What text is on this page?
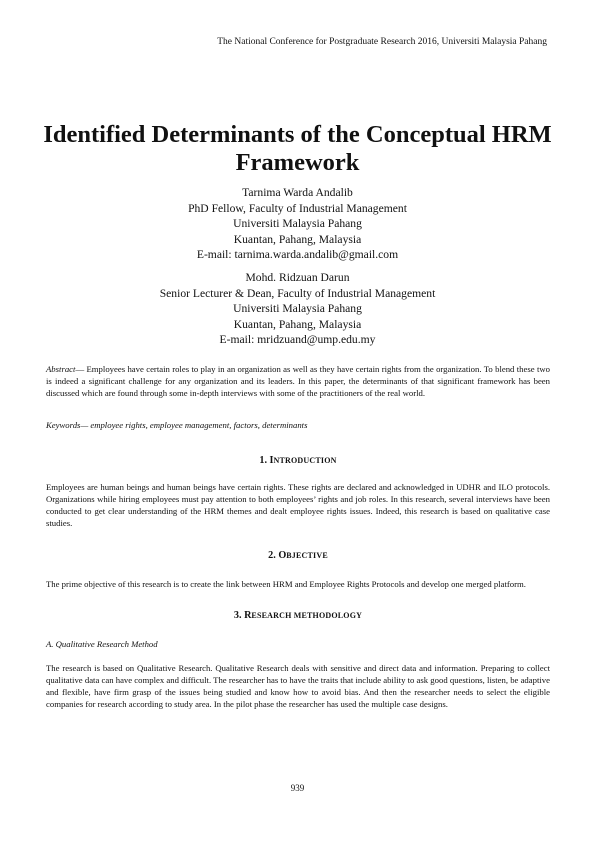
The National Conference for Postgraduate Research 2016, Universiti Malaysia Pahang
Identified Determinants of the Conceptual HRM Framework
Tarnima Warda Andalib
PhD Fellow, Faculty of Industrial Management
Universiti Malaysia Pahang
Kuantan, Pahang, Malaysia
E-mail: tarnima.warda.andalib@gmail.com
Mohd. Ridzuan Darun
Senior Lecturer & Dean, Faculty of Industrial Management
Universiti Malaysia Pahang
Kuantan, Pahang, Malaysia
E-mail: mridzuand@ump.edu.my
Abstract— Employees have certain roles to play in an organization as well as they have certain rights from the organization. To blend these two is indeed a significant challenge for any organization and its leaders. In this paper, the determinants of that significant framework has been discussed which are found through some in-depth interviews with some of the practitioners of the real world.
Keywords— employee rights, employee management, factors, determinants
1. INTRODUCTION
Employees are human beings and human beings have certain rights. These rights are declared and acknowledged in UDHR and ILO protocols. Organizations while hiring employees must pay attention to both employees’ rights and job roles. In this research, several interviews have been conducted to get clear understanding of the HRM themes and dealt employee rights issues. Indeed, this research is based on qualitative case studies.
2. OBJECTIVE
The prime objective of this research is to create the link between HRM and Employee Rights Protocols and develop one merged platform.
3. RESEARCH METHODOLOGY
A. Qualitative Research Method
The research is based on Qualitative Research. Qualitative Research deals with sensitive and direct data and information. Preparing to collect qualitative data can have complex and difficult. The researcher has to have the traits that include ability to ask good questions, listen, be adaptive and flexible, have firm grasp of the issues being studied and know how to avoid bias. And then the researcher needs to select the eligible companies for research according to study area. In the pilot phase the researcher has used the multiple case designs.
939
